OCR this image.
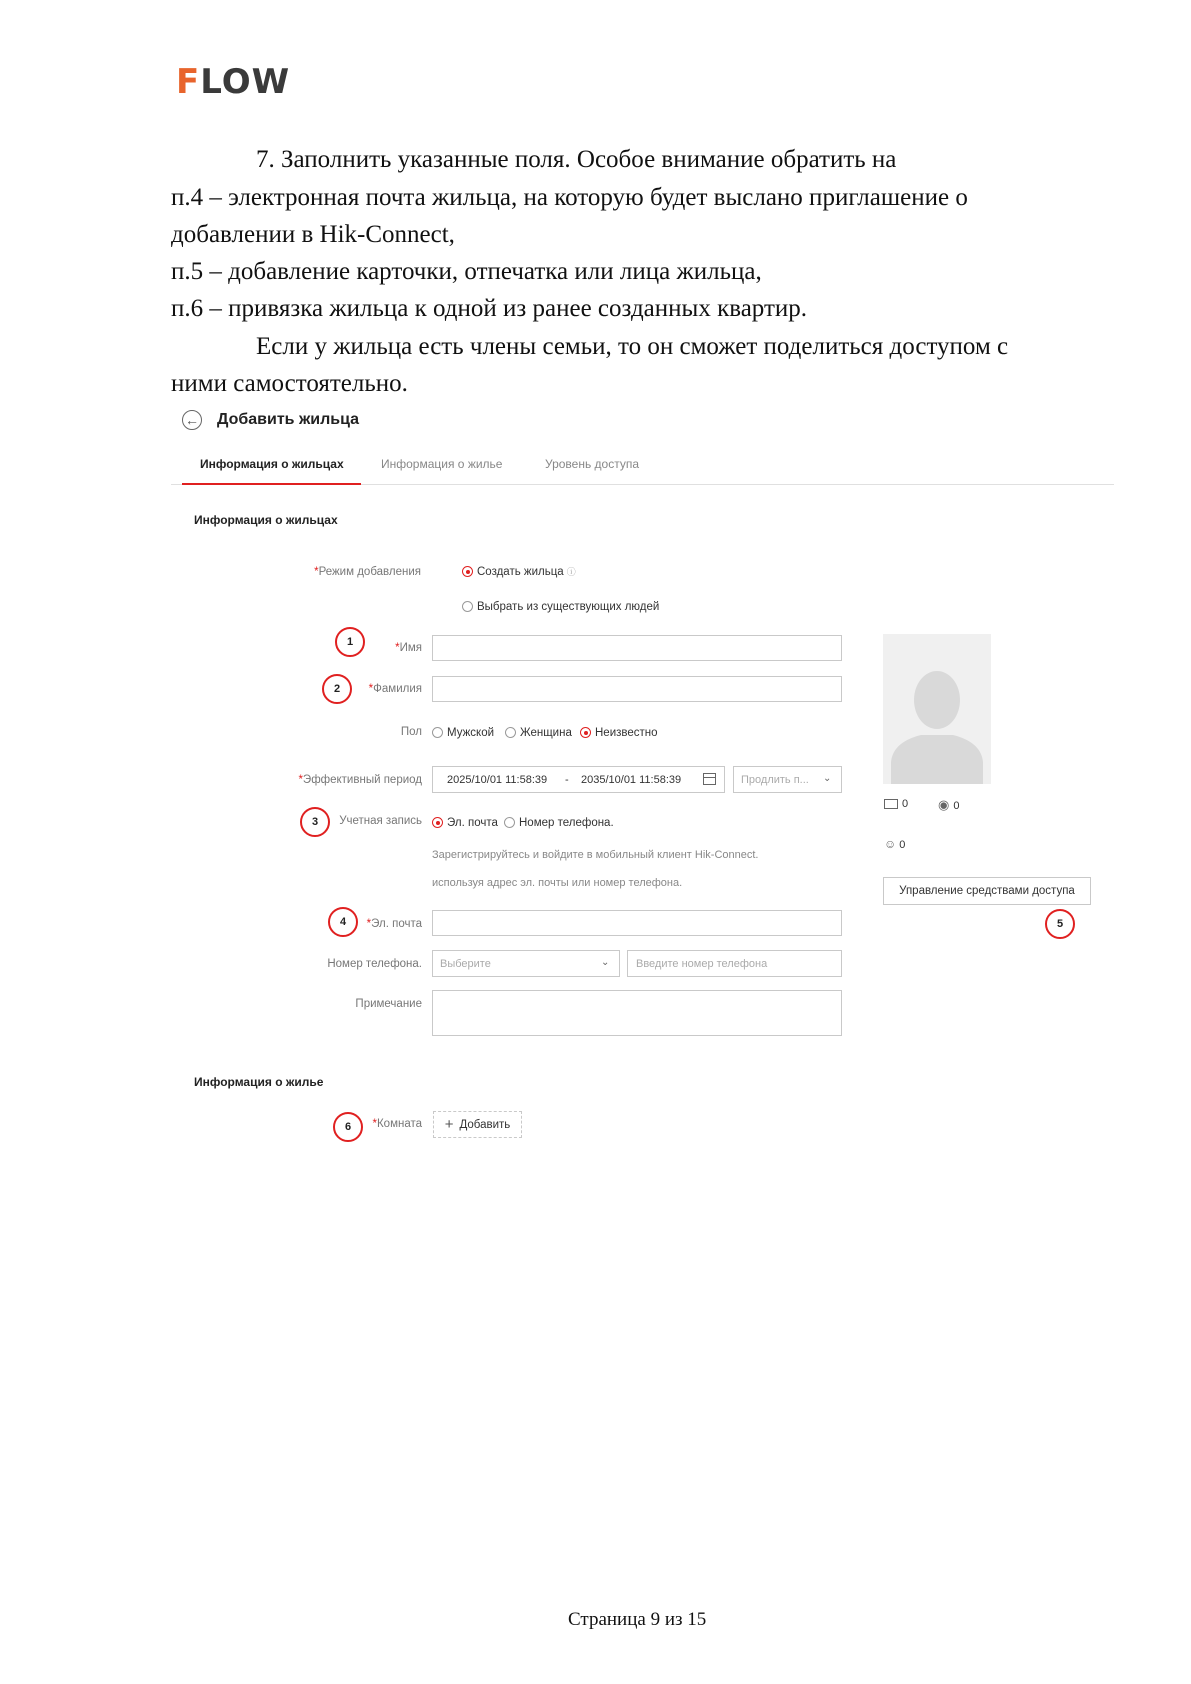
FLOW
7. Заполнить указанные поля. Особое внимание обратить на
п.4 – электронная почта жильца, на которую будет выслано приглашение о
добавлении в Hik-Connect,
п.5 – добавление карточки, отпечатка или лица жильца,
п.6 – привязка жильца к одной из ранее созданных квартир.
Если у жильца есть члены семьи, то он сможет поделиться доступом с
ними самостоятельно.
← Добавить жильца
Информация о жильцах	Информация о жилье	Уровень доступа
Информация о жильцах
*Режим добавления	Создать жильца ⓘ
Выбрать из существующих людей
1	*Имя
2	*Фамилия
Пол	Мужской	Женщина	Неизвестно
*Эффективный период 2025/10/01 11:58:39 - 2035/10/01 11:58:39	Продлить п... ⌄
3	Учетная запись	Эл. почта	Номер телефона.
Зарегистрируйтесь и войдите в мобильный клиент Hik-Connect.
используя адрес эл. почты или номер телефона.
4	*Эл. почта
Номер телефона. Выберите	⌄ Введите номер телефона
Примечание
0 ◉ 0
☺ 0
Управление средствами доступа
5
Информация о жилье
6	*Комната + Добавить
Страница 9 из 15
